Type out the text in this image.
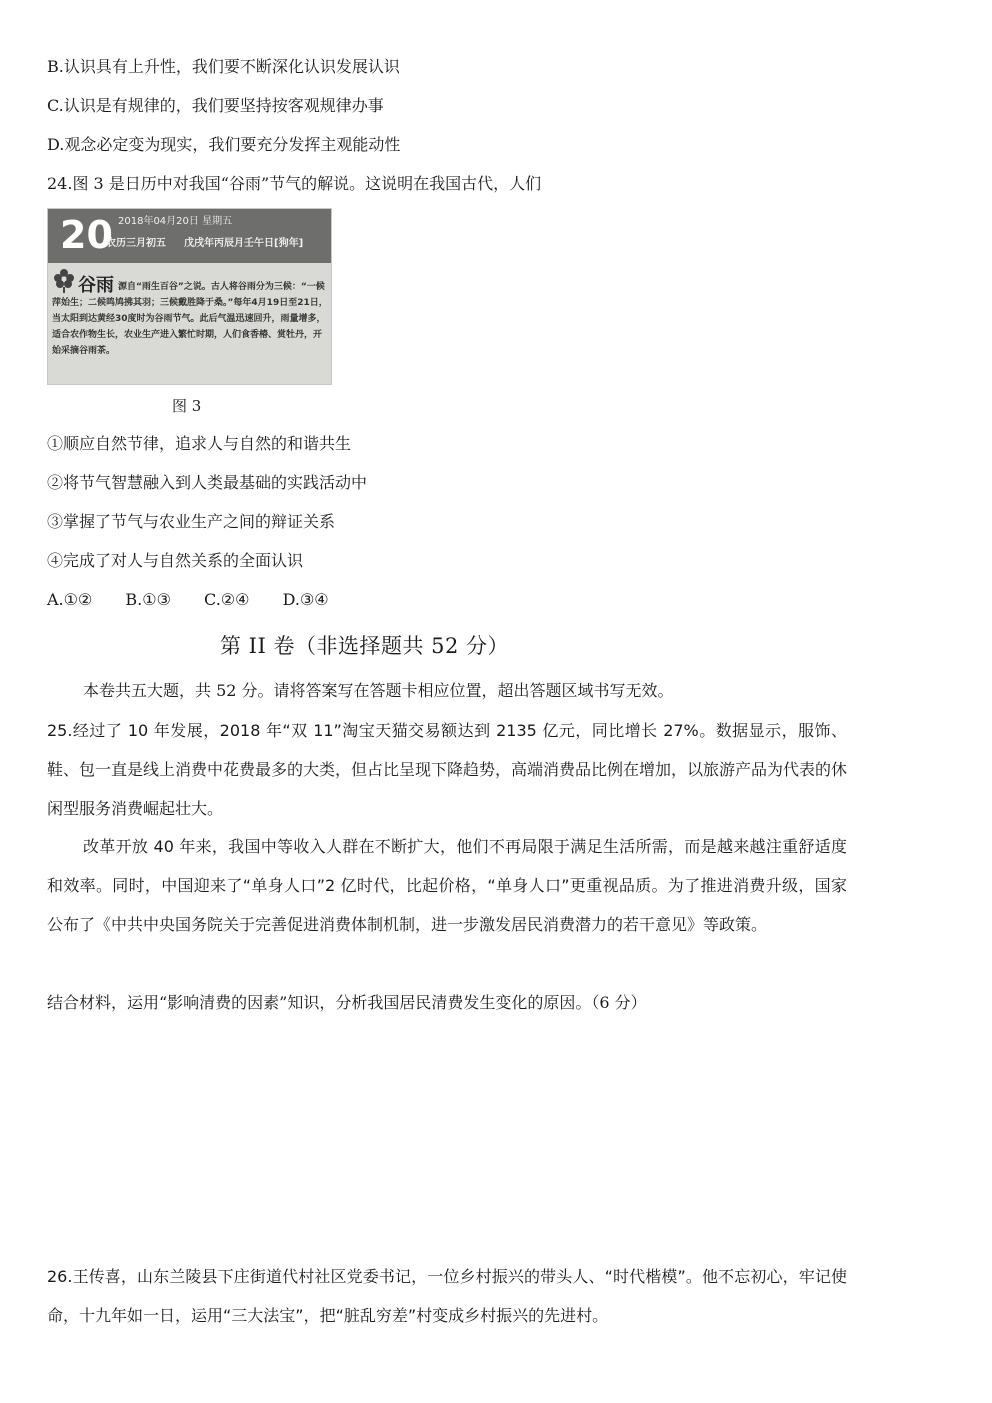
B.认识具有上升性，我们要不断深化认识发展认识
C.认识是有规律的，我们要坚持按客观规律办事
D.观念必定变为现实，我们要充分发挥主观能动性
24.图 3 是日历中对我国“谷雨”节气的解说。这说明在我国古代，人们
20 2018年04月20日 星期五
农历三月初五 戊戌年丙辰月壬午日[狗年]
谷雨 源自“雨生百谷”之说。古人将谷雨分为三候：“一候萍始生；二候鸣鸠拂其羽；三候戴胜降于桑。”每年4月19日至21日，当太阳到达黄经30度时为谷雨节气。此后气温迅速回升，雨量增多，适合农作物生长，农业生产进入繁忙时期，人们食香椿、赏牡丹，开始采摘谷雨茶。
图 3
①顺应自然节律，追求人与自然的和谐共生
②将节气智慧融入到人类最基础的实践活动中
③掌握了节气与农业生产之间的辩证关系
④完成了对人与自然关系的全面认识
A.①② B.①③ C.②④ D.③④
第 II 卷（非选择题共 52 分）
本卷共五大题，共 52 分。请将答案写在答题卡相应位置，超出答题区域书写无效。
25.经过了 10 年发展，2018 年“双 11”淘宝天猫交易额达到 2135 亿元，同比增长 27%。数据显示，服饰、鞋、包一直是线上消费中花费最多的大类，但占比呈现下降趋势，高端消费品比例在增加，以旅游产品为代表的休闲型服务消费崛起壮大。
改革开放 40 年来，我国中等收入人群在不断扩大，他们不再局限于满足生活所需，而是越来越注重舒适度和效率。同时，中国迎来了“单身人口”2 亿时代，比起价格，“单身人口”更重视品质。为了推进消费升级，国家公布了《中共中央国务院关于完善促进消费体制机制，进一步激发居民消费潜力的若干意见》等政策。
结合材料，运用“影响清费的因素”知识，分析我国居民清费发生变化的原因。（6 分）
26.王传喜，山东兰陵县下庄街道代村社区党委书记，一位乡村振兴的带头人、“时代楷模”。他不忘初心，牢记使命，十九年如一日，运用“三大法宝”，把“脏乱穷差”村变成乡村振兴的先进村。
